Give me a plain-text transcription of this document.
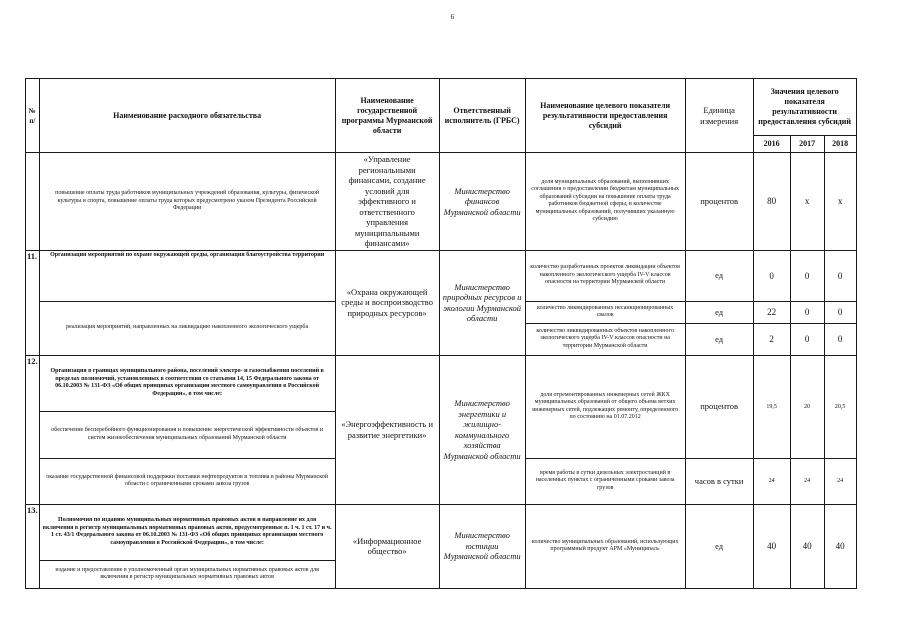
6
№ п/	Наименование расходного обязательства	Наименование государственной программы Мурманской области	Ответственный исполнитель (ГРБС)	Наименование целевого показатели результативности предоставления субсидий	Единица измерения	Значения целевого показателя результативности предоставления субсидий		
						2016	2017	2018
	повышение оплаты труда работников муниципальных учреждений образования, культуры, физической культуры и спорта, повышение оплаты труда которых предусмотрено указом Президента Российской Федерации	«Управление региональными финансами, создание условий для эффективного и ответственного управления муниципальными финансами»	Министерство финансов Мурманской области	доля муниципальных образований, выполнивших соглашения о предоставлении бюджетам муниципальных образований субсидии на повышение оплаты труда работников бюджетной сферы, в количестве муниципальных образований, получивших указанную субсидию	процентов	80	х	х
11.	Организация мероприятий по охране окружающей среды, организация благоустройства территории	«Охрана окружающей среды и воспроизводство природных ресурсов»	Министерство природных ресурсов и экологии Мурманской области	количество разработанных проектов ликвидации объектов накопленного экологического ущерба IV-V классов опасности на территории Мурманской области	ед	0	0	0
	реализация мероприятий, направленных на ликвидацию накопленного экологического ущерба			количество ликвидированных несанкционированных свалок	ед	22	0	0
				количество ликвидированных объектов накопленного экологического ущерба IV-V классов опасности на территории Мурманской области	ед	2	0	0
12.	Организация в границах муниципального района, поселений электро- и газоснабжения поселений в пределах полномочий, установленных в соответствии со статьями 14, 15 Федерального закона от 06.10.2003 № 131-ФЗ «Об общих принципах организации местного самоуправления в Российской Федерации», в том числе:	«Энергоэффективность и развитие энергетики»	Министерство энергетики и жилищно-коммунального хозяйства Мурманской области	доля отремонтированных инженерных сетей ЖКХ муниципальных образований от общего объема ветхих инженерных сетей, подлежащих ремонту, определенного по состоянию на 01.07.2012	процентов	19,5	20	20,5
	обеспечение бесперебойного функционирования и повышение энергетической эффективности объектов и систем жизнеобеспечения муниципальных образований Мурманской области							
	оказание государственной финансовой поддержки поставки нефтепродуктов и топлива в районы Мурманской области с ограниченными сроками завоза грузов			время работы в сутки дизельных электростанций в населенных пунктах с ограниченными сроками завоза грузов	часов в сутки	24	24	24
13.	Полномочия по изданию муниципальных нормативных правовых актов и направление их для включения в регистр муниципальных нормативных правовых актов, предусмотренные п. 1 ч. 1 ст. 17 и ч. 1 ст. 43/1 Федерального закона от 06.10.2003 № 131-ФЗ «Об общих принципах организации местного самоуправления в Российской Федерации», в том числе:	«Информационное общество»	Министерство юстиции Мурманской области	количество муниципальных образований, использующих программный продукт АРМ «Муниципал»	ед	40	40	40
	издание и предоставление в уполномоченный орган муниципальных нормативных правовых актов для включения в регистр муниципальных нормативных правовых актов							
